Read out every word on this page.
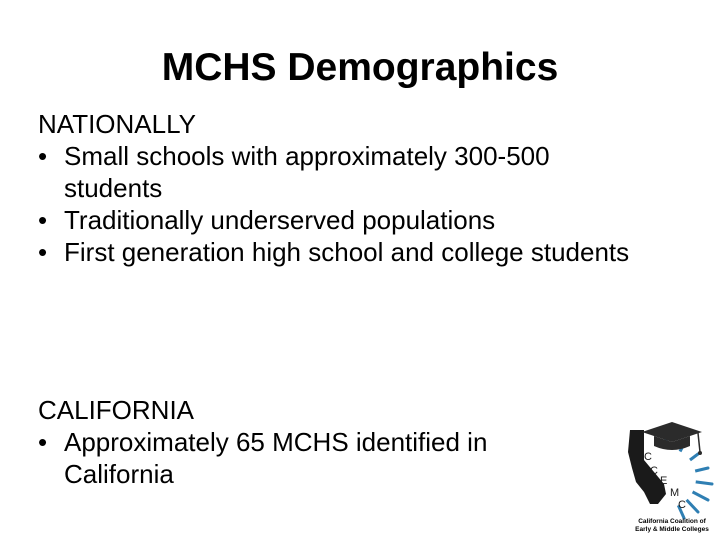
MCHS Demographics
NATIONALLY
• Small schools with approximately 300-500 students
• Traditionally underserved populations
• First generation high school and college students
CALIFORNIA
• Approximately 65 MCHS identified in California
C
C
E
M
C
California Coalition of
Early & Middle Colleges
